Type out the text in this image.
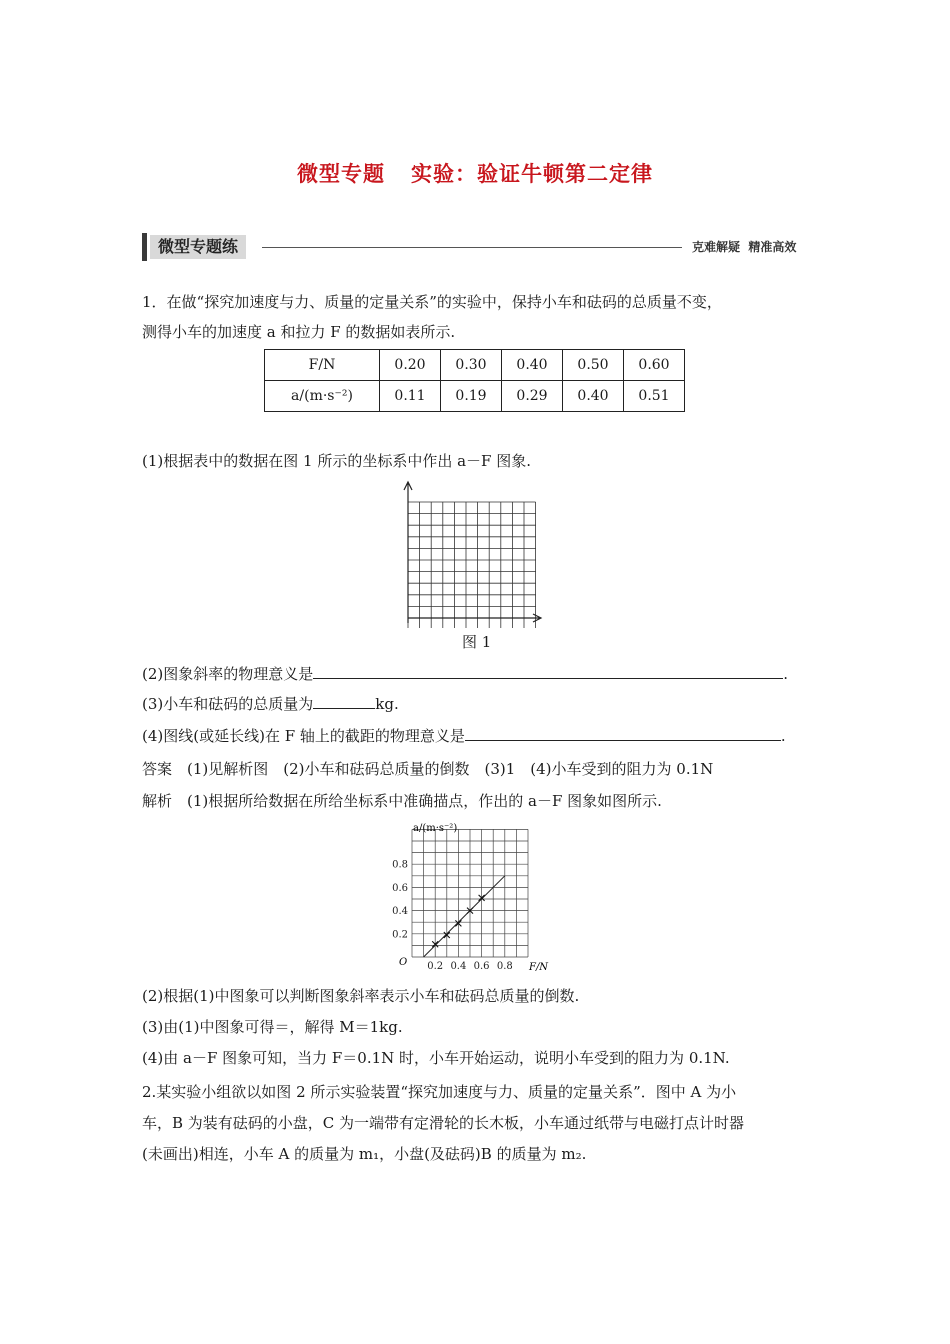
微型专题 实验：验证牛顿第二定律
微型专题练	克难解疑  精准高效
1．在做“探究加速度与力、质量的定量关系”的实验中，保持小车和砝码的总质量不变，
测得小车的加速度 a 和拉力 F 的数据如表所示.
F/N	0.20	0.30	0.40	0.50	0.60
a/(m·s⁻²)	0.11	0.19	0.29	0.40	0.51
(1)根据表中的数据在图 1 所示的坐标系中作出 a－F 图象.
图 1
(2)图象斜率的物理意义是	.
(3)小车和砝码的总质量为	kg.
(4)图线(或延长线)在 F 轴上的截距的物理意义是	.
答案　(1)见解析图　(2)小车和砝码总质量的倒数　(3)1　(4)小车受到的阻力为 0.1N
解析　(1)根据所给数据在所给坐标系中准确描点，作出的 a－F 图象如图所示.
0.2
0.4
0.6
0.8
0.2 0.4 0.6 0.8
a/(m·s⁻²)
F/N
O
(2)根据(1)中图象可以判断图象斜率表示小车和砝码总质量的倒数.
(3)由(1)中图象可得＝，解得 M＝1kg.
(4)由 a－F 图象可知，当力 F＝0.1N 时，小车开始运动，说明小车受到的阻力为 0.1N.
2.某实验小组欲以如图 2 所示实验装置“探究加速度与力、质量的定量关系”．图中 A 为小
车，B 为装有砝码的小盘，C 为一端带有定滑轮的长木板，小车通过纸带与电磁打点计时器
(未画出)相连，小车 A 的质量为 m₁，小盘(及砝码)B 的质量为 m₂.
